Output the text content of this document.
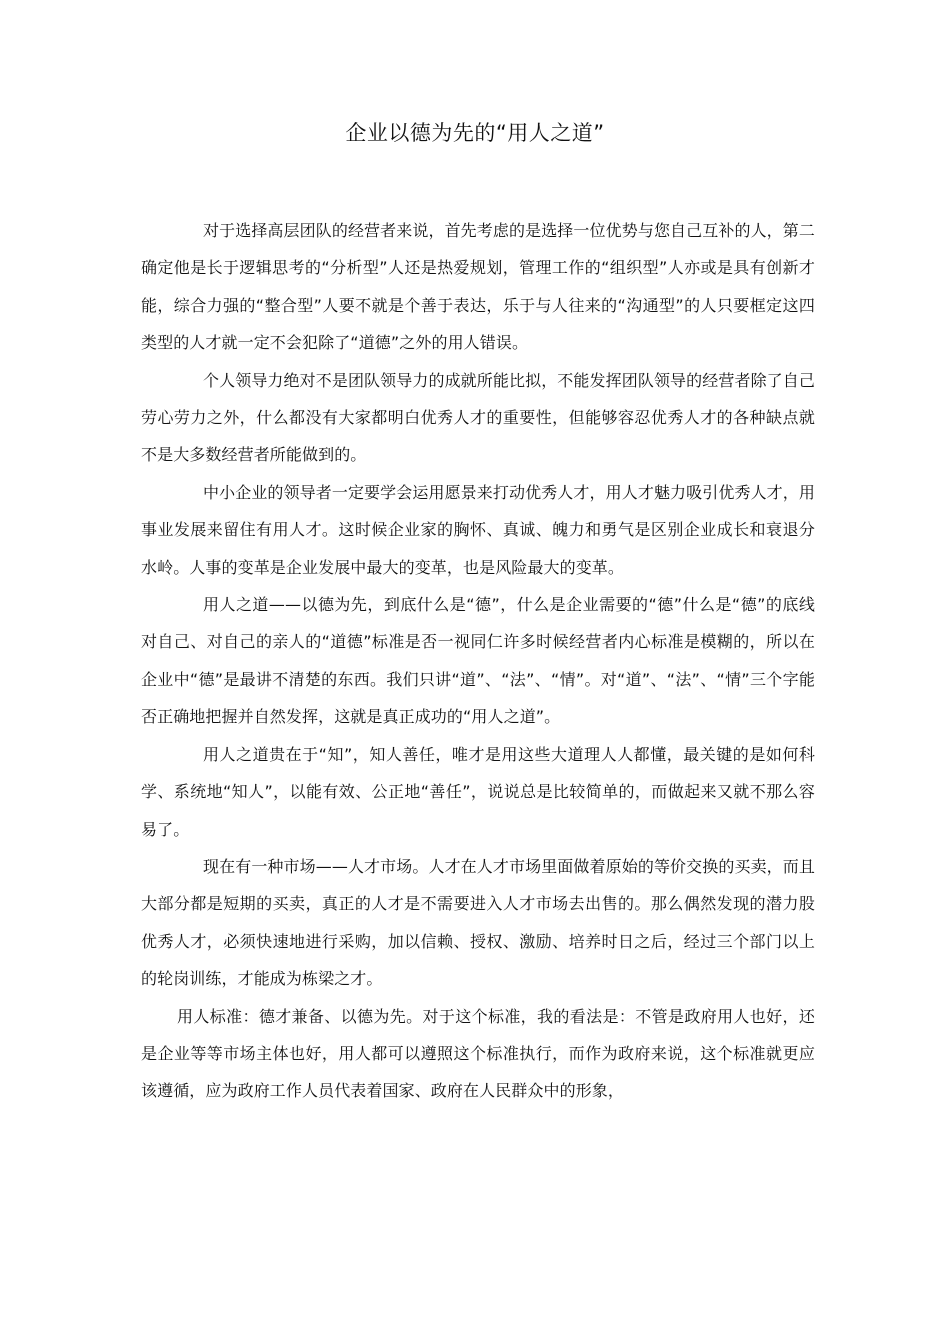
企业以德为先的“用人之道”

对于选择高层团队的经营者来说，首先考虑的是选择一位优势与您自己互补的人，第二确定他是长于逻辑思考的“分析型”人还是热爱规划，管理工作的“组织型”人亦或是具有创新才能，综合力强的“整合型”人要不就是个善于表达，乐于与人往来的“沟通型”的人只要框定这四类型的人才就一定不会犯除了“道德”之外的用人错误。

个人领导力绝对不是团队领导力的成就所能比拟，不能发挥团队领导的经营者除了自己劳心劳力之外，什么都没有大家都明白优秀人才的重要性，但能够容忍优秀人才的各种缺点就不是大多数经营者所能做到的。

中小企业的领导者一定要学会运用愿景来打动优秀人才，用人才魅力吸引优秀人才，用事业发展来留住有用人才。这时候企业家的胸怀、真诚、魄力和勇气是区别企业成长和衰退分水岭。人事的变革是企业发展中最大的变革，也是风险最大的变革。

用人之道——以德为先，到底什么是“德”，什么是企业需要的“德”什么是“德”的底线对自己、对自己的亲人的“道德”标准是否一视同仁许多时候经营者内心标准是模糊的，所以在企业中“德”是最讲不清楚的东西。我们只讲“道”、“法”、“情”。对“道”、“法”、“情”三个字能否正确地把握并自然发挥，这就是真正成功的“用人之道”。

用人之道贵在于“知”，知人善任，唯才是用这些大道理人人都懂，最关键的是如何科学、系统地“知人”，以能有效、公正地“善任”，说说总是比较简单的，而做起来又就不那么容易了。

现在有一种市场——人才市场。人才在人才市场里面做着原始的等价交换的买卖，而且大部分都是短期的买卖，真正的人才是不需要进入人才市场去出售的。那么偶然发现的潜力股优秀人才，必须快速地进行采购，加以信赖、授权、激励、培养时日之后，经过三个部门以上的轮岗训练，才能成为栋梁之才。

用人标准：德才兼备、以德为先。对于这个标准，我的看法是：不管是政府用人也好，还是企业等等市场主体也好，用人都可以遵照这个标准执行，而作为政府来说，这个标准就更应该遵循，应为政府工作人员代表着国家、政府在人民群众中的形象，
